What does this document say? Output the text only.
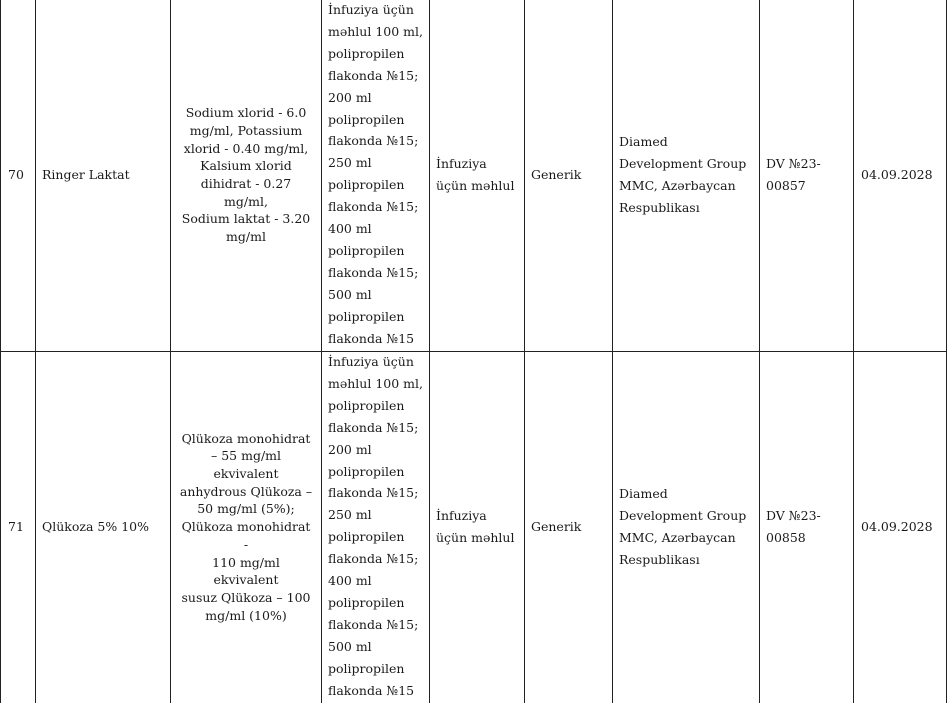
70	Ringer Laktat
Sodium xlorid - 6.0
mg/ml, Potassium
xlorid - 0.40 mg/ml,
Kalsium xlorid
dihidrat - 0.27 mg/ml,
Sodium laktat - 3.20
mg/ml
İnfuziya üçün
məhlul 100 ml,
polipropilen
flakonda №15;
200 ml
polipropilen
flakonda №15;
250 ml
polipropilen
flakonda №15;
400 ml
polipropilen
flakonda №15;
500 ml
polipropilen
flakonda №15
İnfuziya
üçün məhlul
Generik
Diamed
Development Group
MMC, Azərbaycan
Respublikası
DV №23-
00857
04.09.2028
71	Qlükoza 5% 10%
Qlükoza monohidrat
– 55 mg/ml ekvivalent
anhydrous Qlükoza –
50 mg/ml (5%);
Qlükoza monohidrat -
110 mg/ml ekvivalent
susuz Qlükoza – 100
mg/ml (10%)
İnfuziya üçün
məhlul 100 ml,
polipropilen
flakonda №15;
200 ml
polipropilen
flakonda №15;
250 ml
polipropilen
flakonda №15;
400 ml
polipropilen
flakonda №15;
500 ml
polipropilen
flakonda №15
İnfuziya
üçün məhlul
Generik
Diamed
Development Group
MMC, Azərbaycan
Respublikası
DV №23-
00858
04.09.2028
